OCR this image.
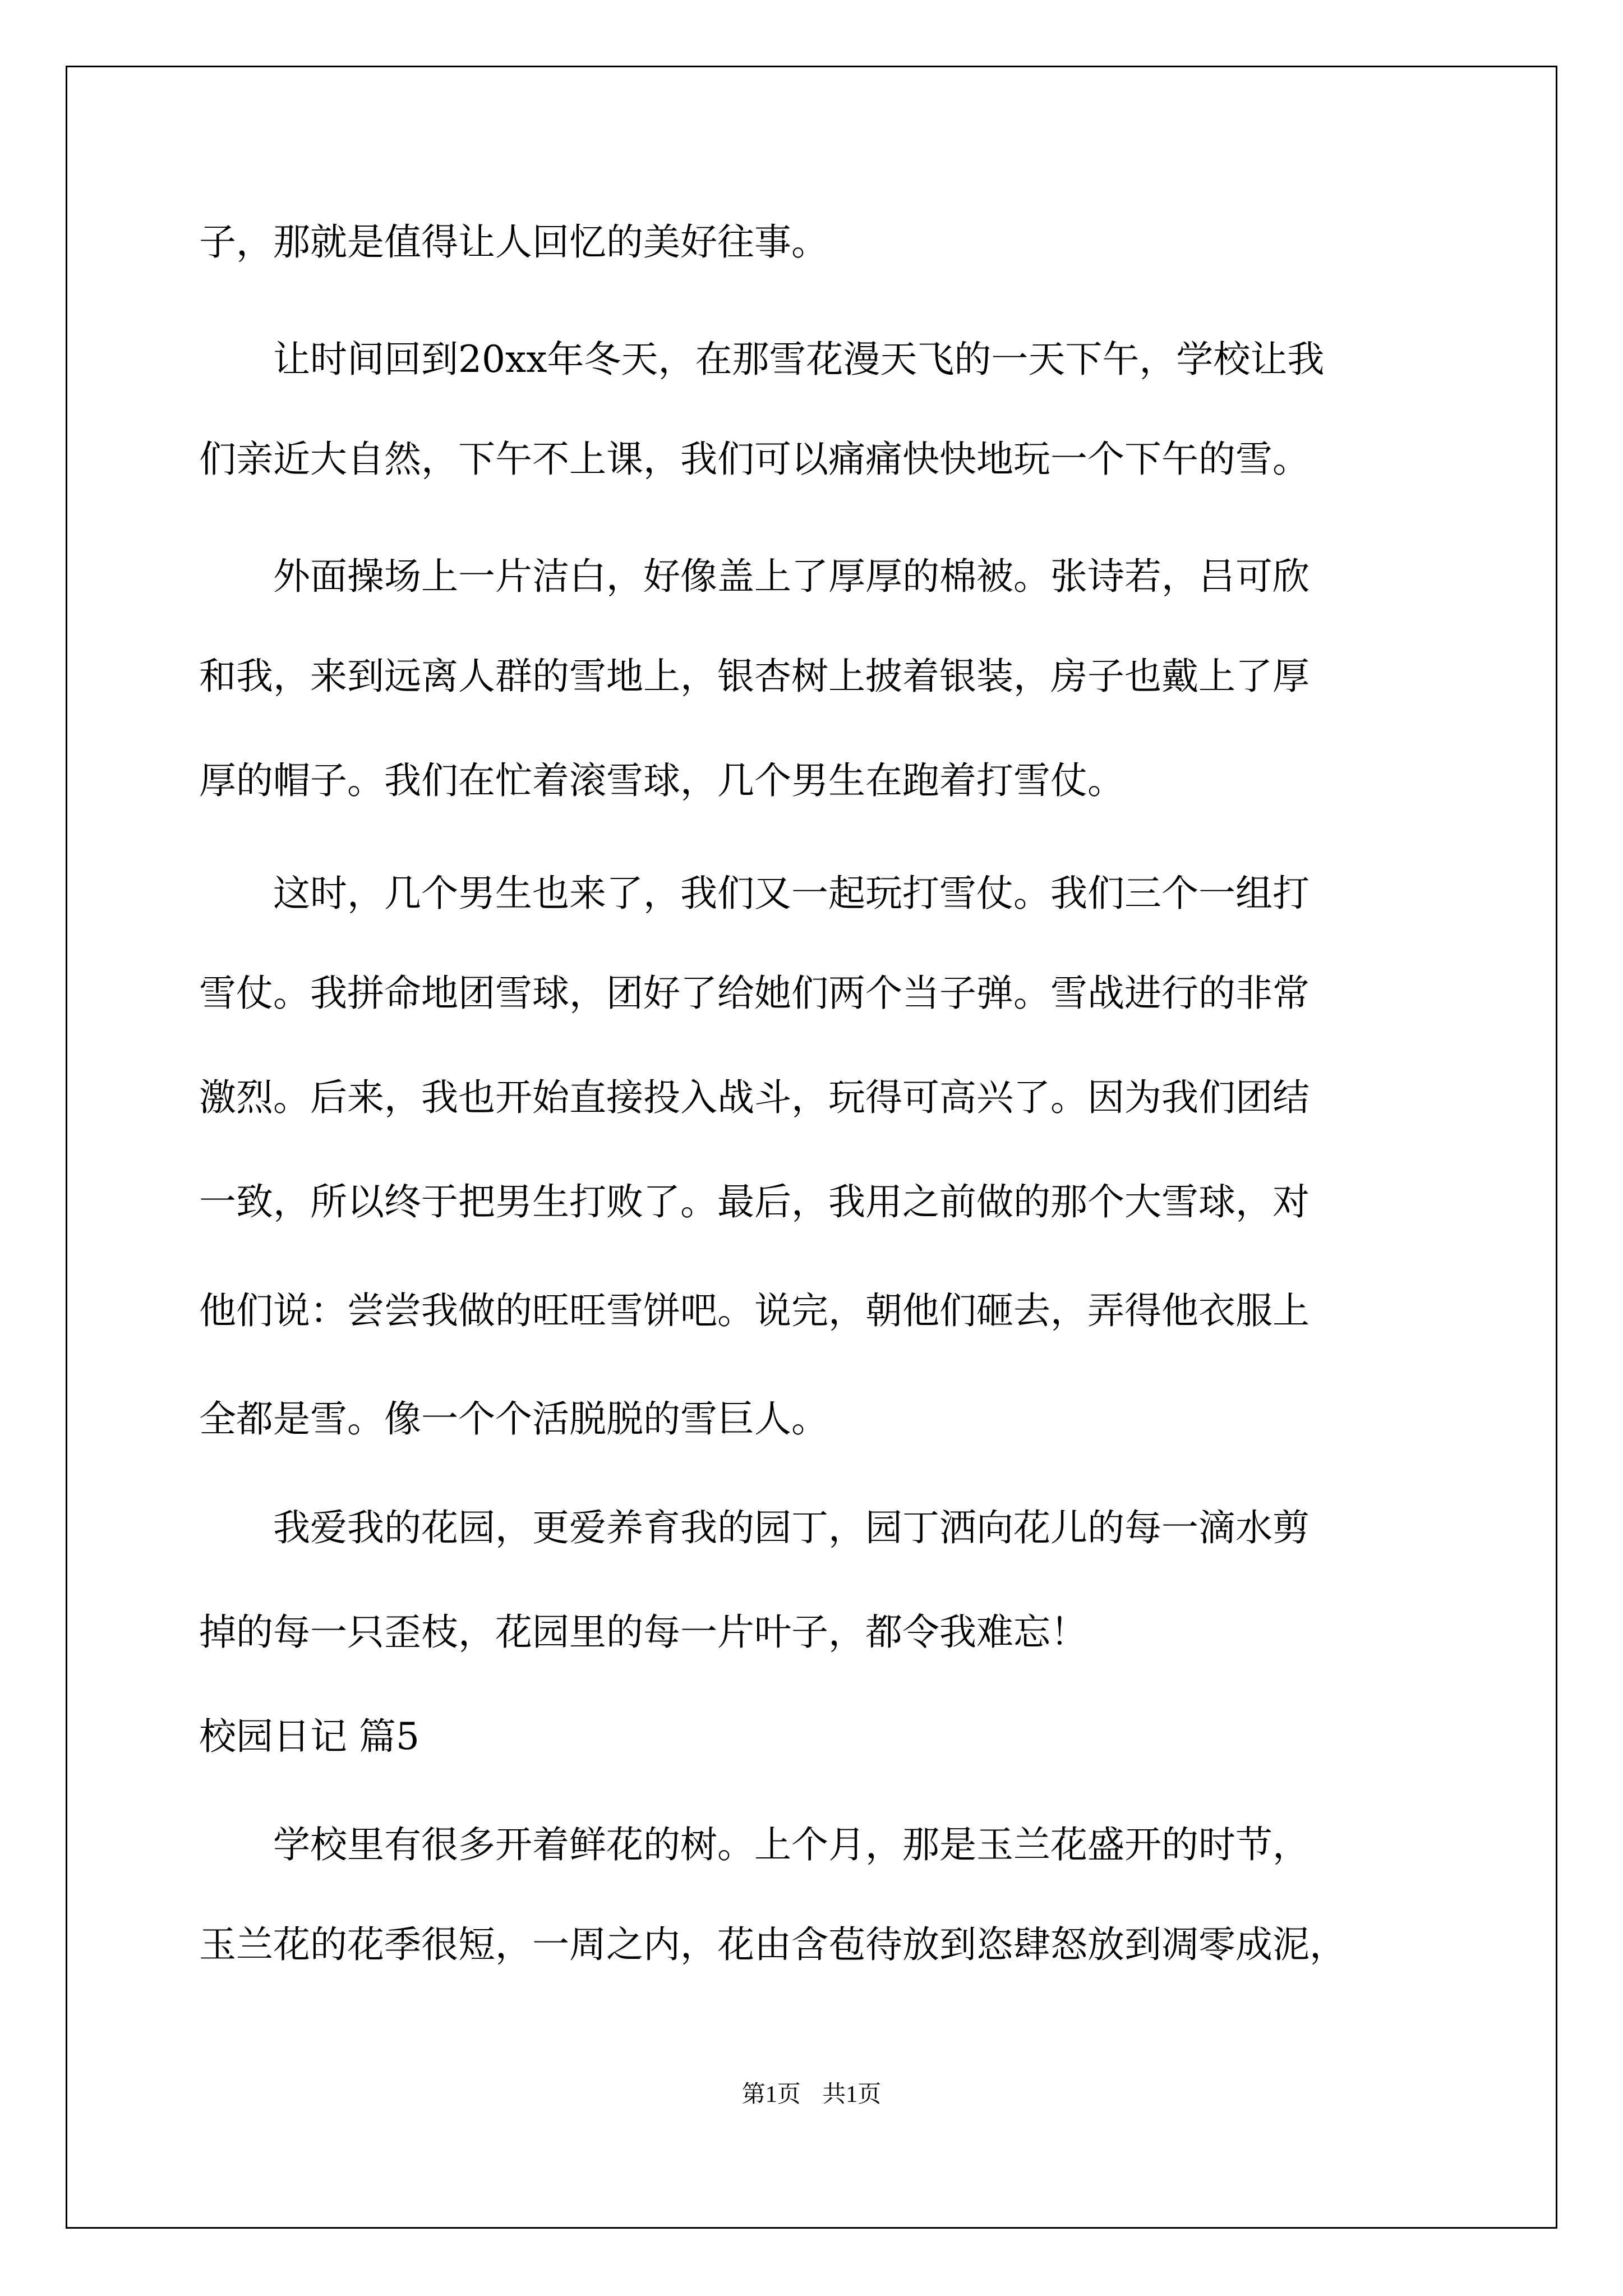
子，那就是值得让人回忆的美好往事。

　　让时间回到20xx年冬天，在那雪花漫天飞的一天下午，学校让我

们亲近大自然，下午不上课，我们可以痛痛快快地玩一个下午的雪。

　　外面操场上一片洁白，好像盖上了厚厚的棉被。张诗若，吕可欣

和我，来到远离人群的雪地上，银杏树上披着银装，房子也戴上了厚

厚的帽子。我们在忙着滚雪球，几个男生在跑着打雪仗。

　　这时，几个男生也来了，我们又一起玩打雪仗。我们三个一组打

雪仗。我拼命地团雪球，团好了给她们两个当子弹。雪战进行的非常

激烈。后来，我也开始直接投入战斗，玩得可高兴了。因为我们团结

一致，所以终于把男生打败了。最后，我用之前做的那个大雪球，对

他们说：尝尝我做的旺旺雪饼吧。说完，朝他们砸去，弄得他衣服上

全都是雪。像一个个活脱脱的雪巨人。

　　我爱我的花园，更爱养育我的园丁，园丁洒向花儿的每一滴水剪

掉的每一只歪枝，花园里的每一片叶子，都令我难忘！

校园日记 篇5

　　学校里有很多开着鲜花的树。上个月，那是玉兰花盛开的时节，

玉兰花的花季很短，一周之内，花由含苞待放到恣肆怒放到凋零成泥，

第1页 共1页
